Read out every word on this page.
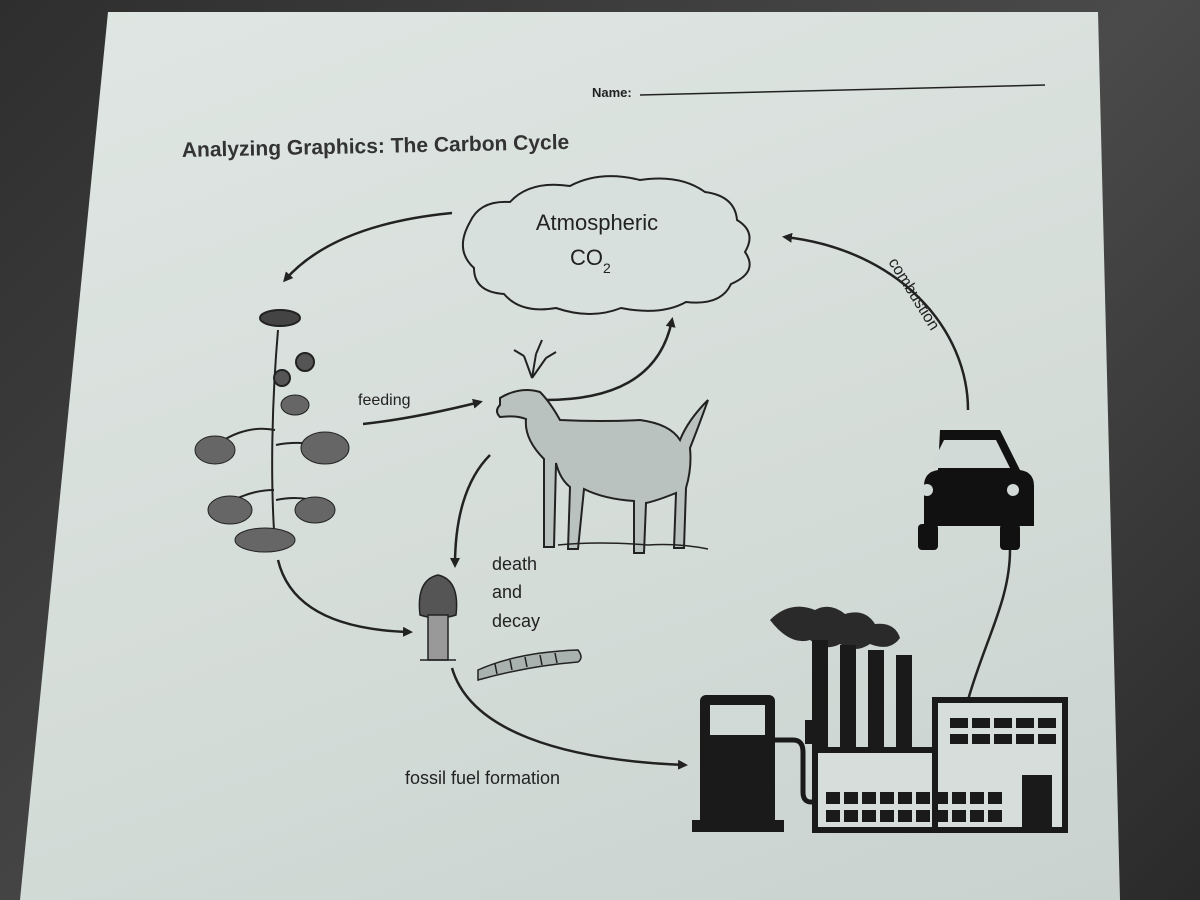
Name:
Analyzing Graphics: The Carbon Cycle
Atmospheric
$CO_2$	combustion
feeding
death
and
decay
fossil fuel formation
